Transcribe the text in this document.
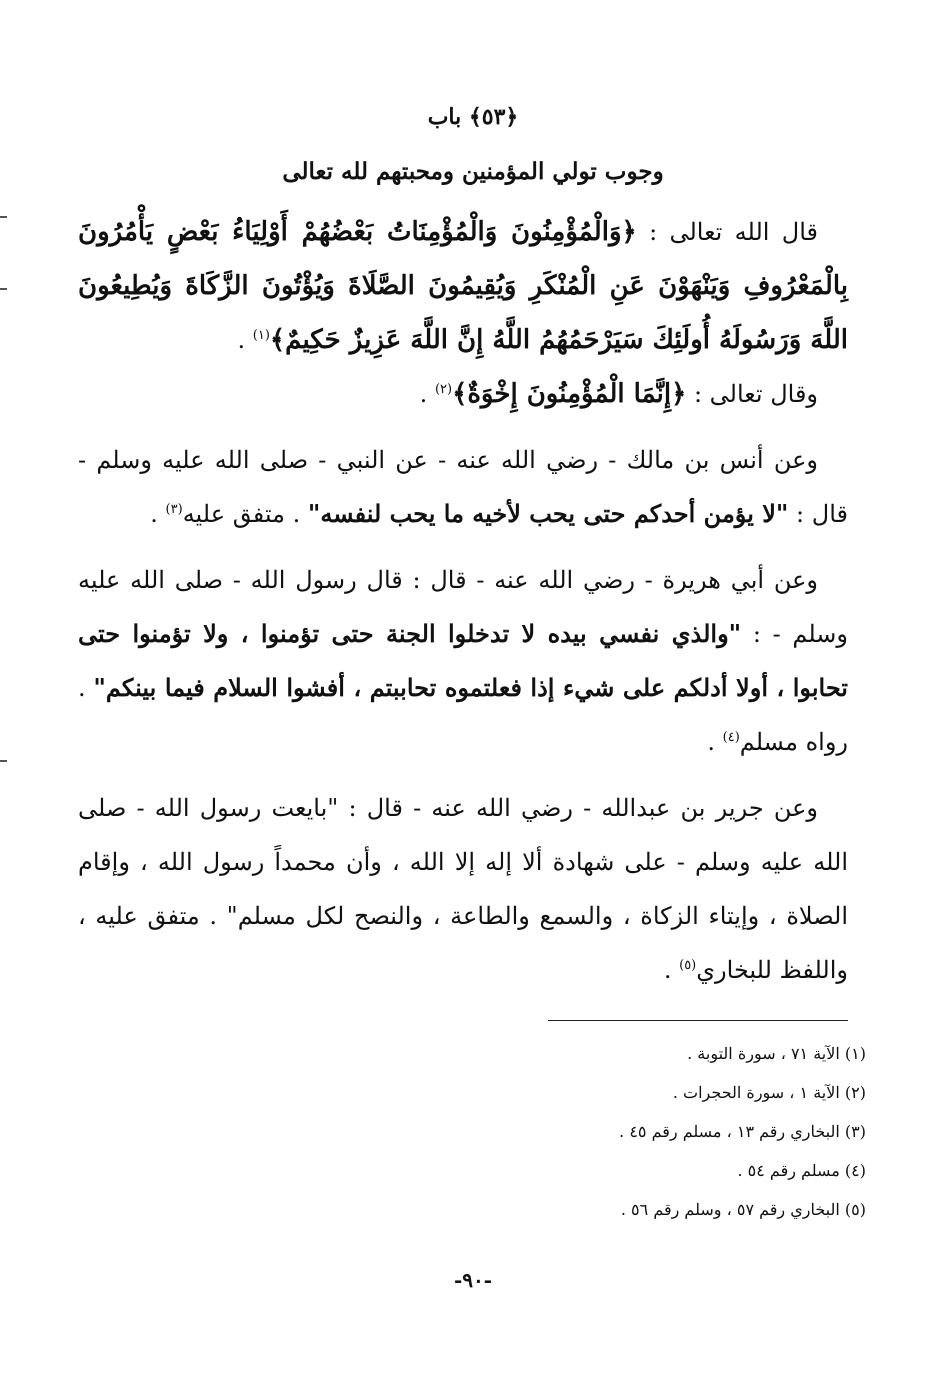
﴿٥٣﴾ باب
وجوب تولي المؤمنين ومحبتهم لله تعالى

قال الله تعالى : ﴿وَالْمُؤْمِنُونَ وَالْمُؤْمِنَاتُ بَعْضُهُمْ أَوْلِيَاءُ بَعْضٍ يَأْمُرُونَ بِالْمَعْرُوفِ وَيَنْهَوْنَ عَنِ الْمُنْكَرِ وَيُقِيمُونَ الصَّلَاةَ وَيُؤْتُونَ الزَّكَاةَ وَيُطِيعُونَ اللَّهَ وَرَسُولَهُ أُولَئِكَ سَيَرْحَمُهُمُ اللَّهُ إِنَّ اللَّهَ عَزِيزٌ حَكِيمٌ﴾$^{(١)}$ .

وقال تعالى : ﴿إِنَّمَا الْمُؤْمِنُونَ إِخْوَةٌ﴾$^{(٢)}$ .

وعن أنس بن مالك - رضي الله عنه - عن النبي - صلى الله عليه وسلم - قال : "لا يؤمن أحدكم حتى يحب لأخيه ما يحب لنفسه" . متفق عليه$^{(٣)}$ .

وعن أبي هريرة - رضي الله عنه - قال : قال رسول الله - صلى الله عليه وسلم - : "والذي نفسي بيده لا تدخلوا الجنة حتى تؤمنوا ، ولا تؤمنوا حتى تحابوا ، أولا أدلكم على شيء إذا فعلتموه تحاببتم ، أفشوا السلام فيما بينكم" . رواه مسلم$^{(٤)}$ .

وعن جرير بن عبدالله - رضي الله عنه - قال : "بايعت رسول الله - صلى الله عليه وسلم - على شهادة ألا إله إلا الله ، وأن محمداً رسول الله ، وإقام الصلاة ، وإيتاء الزكاة ، والسمع والطاعة ، والنصح لكل مسلم" . متفق عليه ، واللفظ للبخاري$^{(٥)}$ .

(١) الآية ٧١ ، سورة التوبة .
(٢) الآية ١ ، سورة الحجرات .
(٣) البخاري رقم ١٣ ، مسلم رقم ٤٥ .
(٤) مسلم رقم ٥٤ .
(٥) البخاري رقم ٥٧ ، وسلم رقم ٥٦ .
-٩٠-
